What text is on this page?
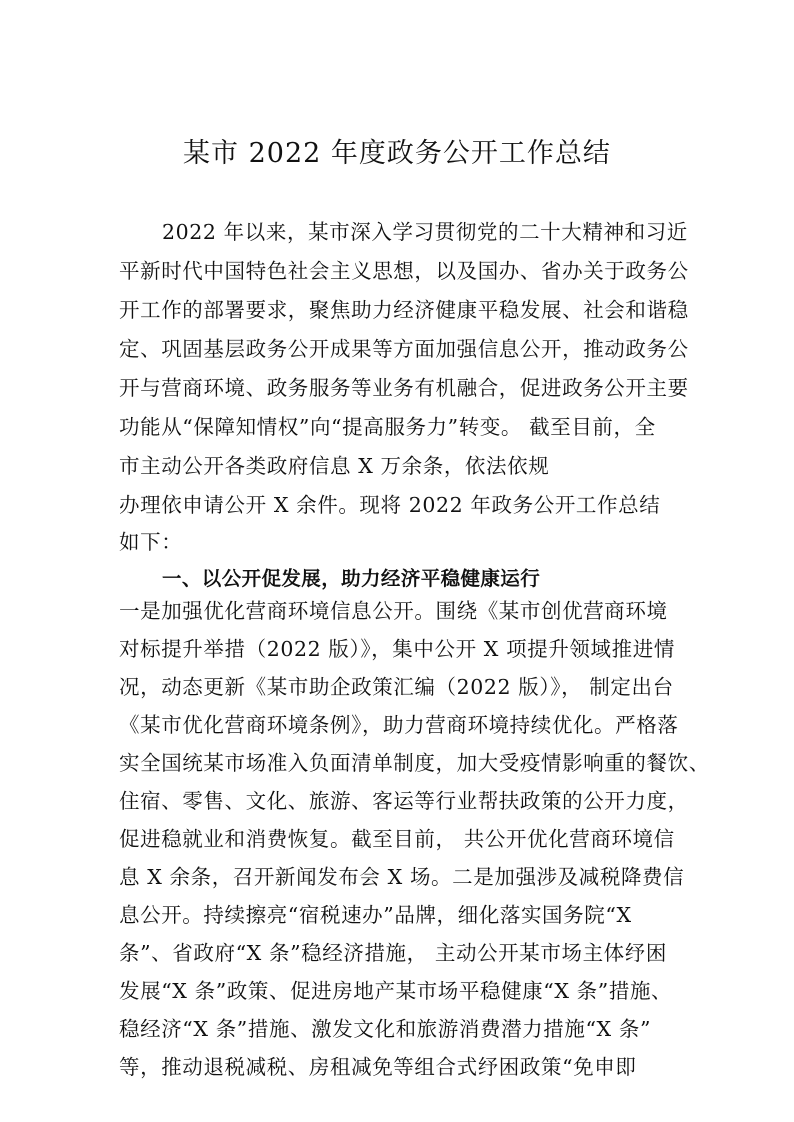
某市 2022 年度政务公开工作总结
2022 年以来，某市深入学习贯彻党的二十大精神和习近
平新时代中国特色社会主义思想，以及国办、省办关于政务公
开工作的部署要求，聚焦助力经济健康平稳发展、社会和谐稳
定、巩固基层政务公开成果等方面加强信息公开，推动政务公
开与营商环境、政务服务等业务有机融合，促进政务公开主要
功能从“保障知情权”向“提高服务力”转变。 截至目前，全
市主动公开各类政府信息 X 万余条，依法依规
办理依申请公开 X 余件。现将 2022 年政务公开工作总结
如下：
一、以公开促发展，助力经济平稳健康运行
一是加强优化营商环境信息公开。围绕《某市创优营商环境
对标提升举措（2022 版）》，集中公开 X 项提升领域推进情
况，动态更新《某市助企政策汇编（2022 版）》， 制定出台
《某市优化营商环境条例》，助力营商环境持续优化。严格落
实全国统某市场准入负面清单制度，加大受疫情影响重的餐饮、
住宿、零售、文化、旅游、客运等行业帮扶政策的公开力度，
促进稳就业和消费恢复。截至目前， 共公开优化营商环境信
息 X 余条，召开新闻发布会 X 场。二是加强涉及减税降费信
息公开。持续擦亮“宿税速办”品牌，细化落实国务院“X
条”、省政府“X 条”稳经济措施， 主动公开某市场主体纾困
发展“X 条”政策、促进房地产某市场平稳健康“X 条”措施、
稳经济“X 条”措施、激发文化和旅游消费潜力措施“X 条”
等，推动退税减税、房租减免等组合式纾困政策“免申即
